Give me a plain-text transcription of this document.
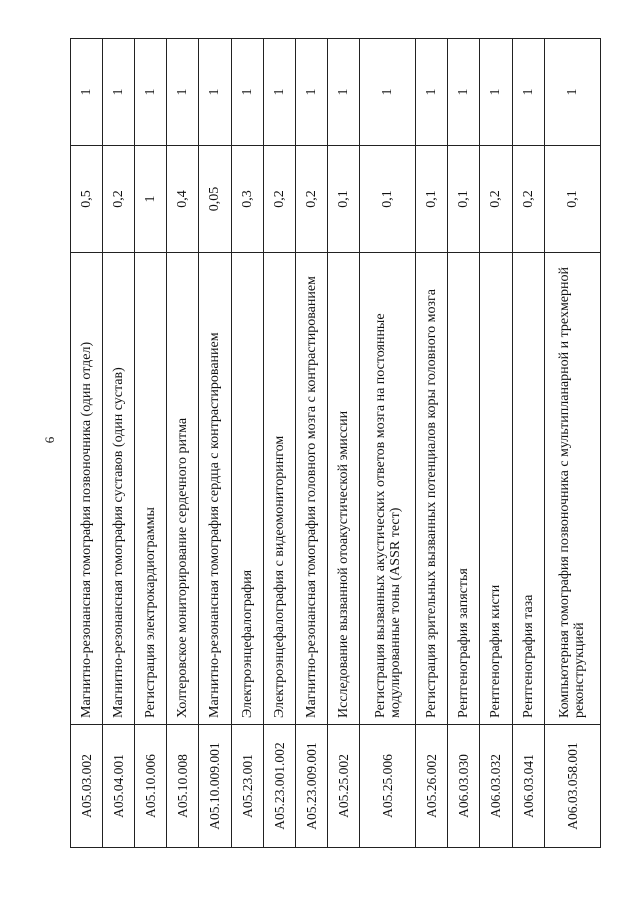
6
A05.03.002	Магнитно-резонансная томография позвоночника (один отдел)	0,5	1
A05.04.001	Магнитно-резонансная томография суставов (один сустав)	0,2	1
A05.10.006	Регистрация электрокардиограммы	1	1
A05.10.008	Холтеровское мониторирование сердечного ритма	0,4	1
A05.10.009.001	Магнитно-резонансная томография сердца с контрастированием	0,05	1
A05.23.001	Электроэнцефалография	0,3	1
A05.23.001.002	Электроэнцефалография с видеомониторингом	0,2	1
A05.23.009.001	Магнитно-резонансная томография головного мозга с контрастированием	0,2	1
A05.25.002	Исследование вызванной отоакустической эмиссии	0,1	1
A05.25.006	Регистрация вызванных акустических ответов мозга на постоянные модулированные тоны (ASSR тест)	0,1	1
A05.26.002	Регистрация зрительных вызванных потенциалов коры головного мозга	0,1	1
A06.03.030	Рентгенография запястья	0,1	1
A06.03.032	Рентгенография кисти	0,2	1
A06.03.041	Рентгенография таза	0,2	1
A06.03.058.001	Компьютерная томография позвоночника с мультипланарной и трехмерной реконструкцией	0,1	1
